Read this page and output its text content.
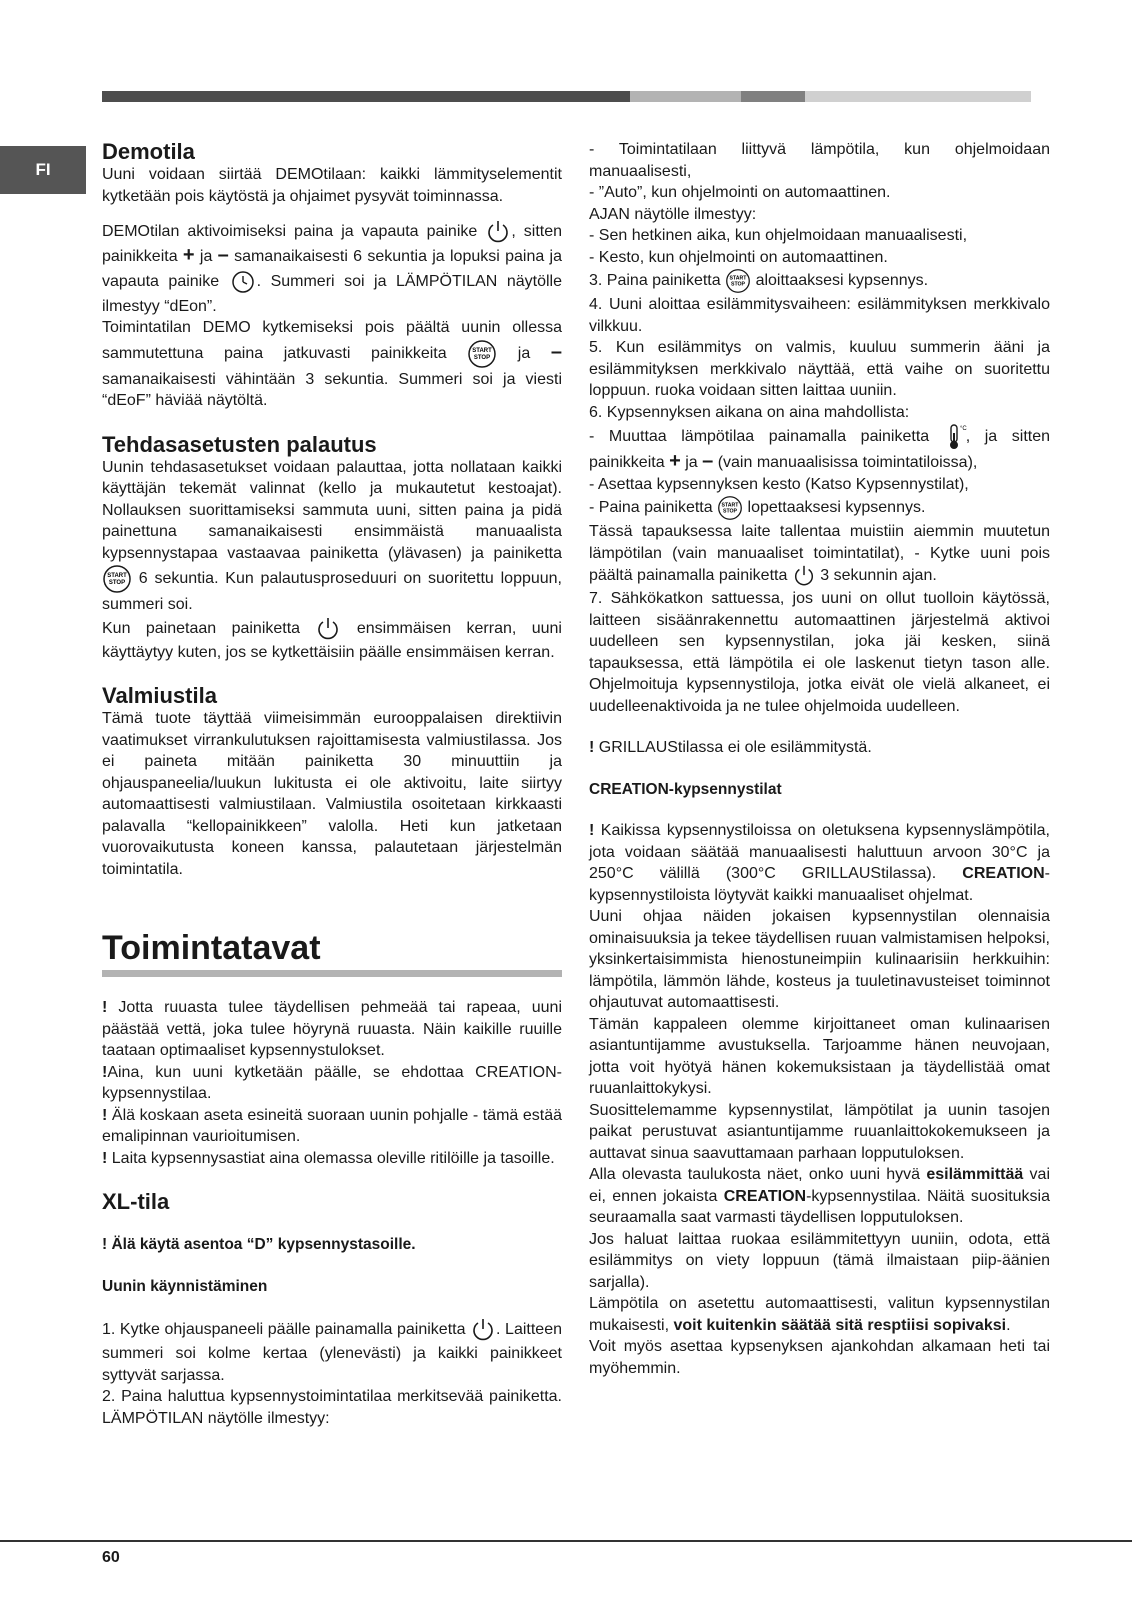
FI
Demotila

Uuni voidaan siirtää DEMOtilaan: kaikki lämmityselementit kytketään pois käytöstä ja ohjaimet pysyvät toiminnassa.

DEMOtilan aktivoimiseksi paina ja vapauta painike , sitten painikkeita + ja – samanaikaisesti 6 sekuntia ja lopuksi paina ja vapauta painike . Summeri soi ja LÄMPÖTILAN näytölle ilmestyy “dEon”.

Toimintatilan DEMO kytkemiseksi pois päältä uunin ollessa sammutettuna paina jatkuvasti painikkeita	START
STOP ja – samanaikaisesti vähintään 3 sekuntia. Summeri soi ja viesti “dEoF” häviää näytöltä.

Tehdasasetusten palautus

Uunin tehdasasetukset voidaan palauttaa, jotta nollataan kaikki käyttäjän tekemät valinnat (kello ja mukautetut kestoajat). Nollauksen suorittamiseksi sammuta uuni, sitten paina ja pidä painettuna samanaikaisesti ensimmäistä manuaalista kypsennystapaa vastaavaa painiketta (ylävasen) ja painiketta
START
STOP 6 sekuntia. Kun palautusproseduuri on suoritettu loppuun, summeri soi.

Kun painetaan painiketta	ensimmäisen kerran, uuni käyttäytyy kuten, jos se kytkettäisiin päälle ensimmäisen kerran.

Valmiustila

Tämä tuote täyttää viimeisimmän eurooppalaisen direktiivin vaatimukset virrankulutuksen rajoittamisesta valmiustilassa. Jos ei paineta mitään painiketta 30 minuuttiin ja ohjauspaneelia/luukun lukitusta ei ole aktivoitu, laite siirtyy automaattisesti valmiustilaan. Valmiustila osoitetaan kirkkaasti palavalla “kellopainikkeen” valolla. Heti kun jatketaan vuorovaikutusta koneen kanssa, palautetaan järjestelmän toimintatila.

Toimintatavat

! Jotta ruuasta tulee täydellisen pehmeää tai rapeaa, uuni päästää vettä, joka tulee höyrynä ruuasta. Näin kaikille ruuille taataan optimaaliset kypsennystulokset.

!Aina, kun uuni kytketään päälle, se ehdottaa CREATION-kypsennystilaa.

! Älä koskaan aseta esineitä suoraan uunin pohjalle - tämä estää emalipinnan vaurioitumisen.

! Laita kypsennysastiat aina olemassa oleville ritilöille ja tasoille.

XL-tila

! Älä käytä asentoa “D” kypsennystasoille.

Uunin käynnistäminen

1. Kytke ohjauspaneeli päälle painamalla painiketta . Laitteen summeri soi kolme kertaa (ylenevästi) ja kaikki painikkeet syttyvät sarjassa.

2. Paina haluttua kypsennystoimintatilaa merkitsevää painiketta. LÄMPÖTILAN näytölle ilmestyy:

- Toimintatilaan liittyvä lämpötila, kun ohjelmoidaan manuaalisesti,

- ”Auto”, kun ohjelmointi on automaattinen.

AJAN näytölle ilmestyy:

- Sen hetkinen aika, kun ohjelmoidaan manuaalisesti,

- Kesto, kun ohjelmointi on automaattinen.

3. Paina painiketta START
STOP aloittaaksesi kypsennys.

4. Uuni aloittaa esilämmitysvaiheen: esilämmityksen merkkivalo vilkkuu.

5. Kun esilämmitys on valmis, kuuluu summerin ääni ja esilämmityksen merkkivalo näyttää, että vaihe on suoritettu loppuun. ruoka voidaan sitten laittaa uuniin.

6. Kypsennyksen aikana on aina mahdollista:

- Muuttaa lämpötilaa painamalla painiketta	°C , ja sitten painikkeita + ja – (vain manuaalisissa toimintatiloissa),

- Asettaa kypsennyksen kesto (Katso Kypsennystilat),

- Paina painiketta START
STOP lopettaaksesi kypsennys.

Tässä tapauksessa laite tallentaa muistiin aiemmin muutetun lämpötilan (vain manuaaliset toimintatilat), - Kytke uuni pois päältä painamalla painiketta 3 sekunnin ajan.

7. Sähkökatkon sattuessa, jos uuni on ollut tuolloin käytössä, laitteen sisäänrakennettu automaattinen järjestelmä aktivoi uudelleen sen kypsennystilan, joka jäi kesken, siinä tapauksessa, että lämpötila ei ole laskenut tietyn tason alle. Ohjelmoituja kypsennystiloja, jotka eivät ole vielä alkaneet, ei uudelleenaktivoida ja ne tulee ohjelmoida uudelleen.

! GRILLAUStilassa ei ole esilämmitystä.

CREATION-kypsennystilat

! Kaikissa kypsennystiloissa on oletuksena kypsennyslämpötila, jota voidaan säätää manuaalisesti haluttuun arvoon 30°C ja 250°C välillä (300°C GRILLAUStilassa). CREATION-kypsennystiloista löytyvät kaikki manuaaliset ohjelmat.

Uuni ohjaa näiden jokaisen kypsennystilan olennaisia ominaisuuksia ja tekee täydellisen ruuan valmistamisen helpoksi, yksinkertaisimmista hienostuneimpiin kulinaarisiin herkkuihin: lämpötila, lämmön lähde, kosteus ja tuuletinavusteiset toiminnot ohjautuvat automaattisesti.

Tämän kappaleen olemme kirjoittaneet oman kulinaarisen asiantuntijamme avustuksella. Tarjoamme hänen neuvojaan, jotta voit hyötyä hänen kokemuksistaan ja täydellistää omat ruuanlaittokykysi.

Suosittelemamme kypsennystilat, lämpötilat ja uunin tasojen paikat perustuvat asiantuntijamme ruuanlaittokokemukseen ja auttavat sinua saavuttamaan parhaan lopputuloksen.

Alla olevasta taulukosta näet, onko uuni hyvä esilämmittää vai ei, ennen jokaista CREATION-kypsennystilaa. Näitä suosituksia seuraamalla saat varmasti täydellisen lopputuloksen.

Jos haluat laittaa ruokaa esilämmitettyyn uuniin, odota, että esilämmitys on viety loppuun (tämä ilmaistaan piip-äänien sarjalla).

Lämpötila on asetettu automaattisesti, valitun kypsennystilan mukaisesti, voit kuitenkin säätää sitä resptiisi sopivaksi.

Voit myös asettaa kypsenyksen ajankohdan alkamaan heti tai myöhemmin.

60
